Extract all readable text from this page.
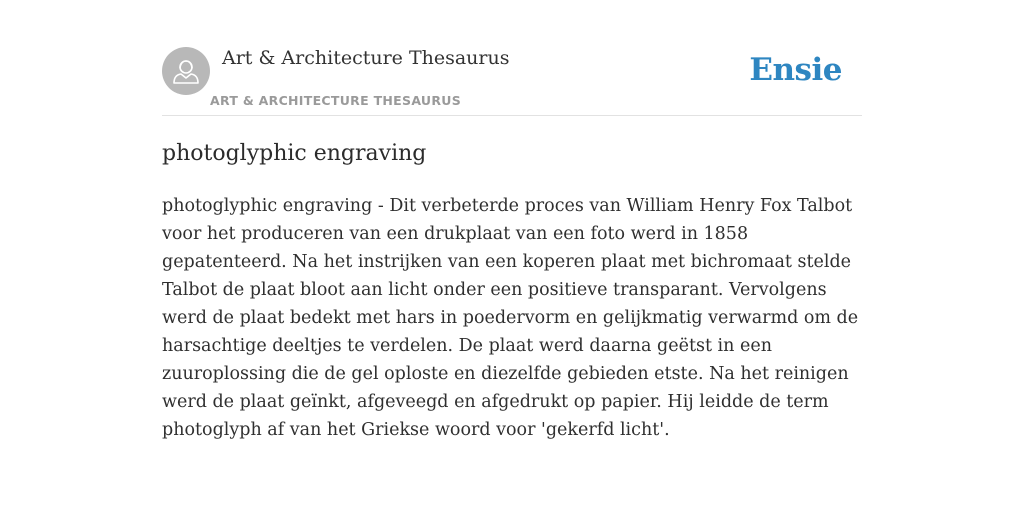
Art & Architecture Thesaurus
ART & ARCHITECTURE THESAURUS
Ensie
photoglyphic engraving

photoglyphic engraving - Dit verbeterde proces van William Henry Fox Talbot voor het produceren van een drukplaat van een foto werd in 1858 gepatenteerd. Na het instrijken van een koperen plaat met bichromaat stelde Talbot de plaat bloot aan licht onder een positieve transparant. Vervolgens werd de plaat bedekt met hars in poedervorm en gelijkmatig verwarmd om de harsachtige deeltjes te verdelen. De plaat werd daarna geëtst in een zuuroplossing die de gel oploste en diezelfde gebieden etste. Na het reinigen werd de plaat geïnkt, afgeveegd en afgedrukt op papier. Hij leidde de term photoglyph af van het Griekse woord voor 'gekerfd licht'.
